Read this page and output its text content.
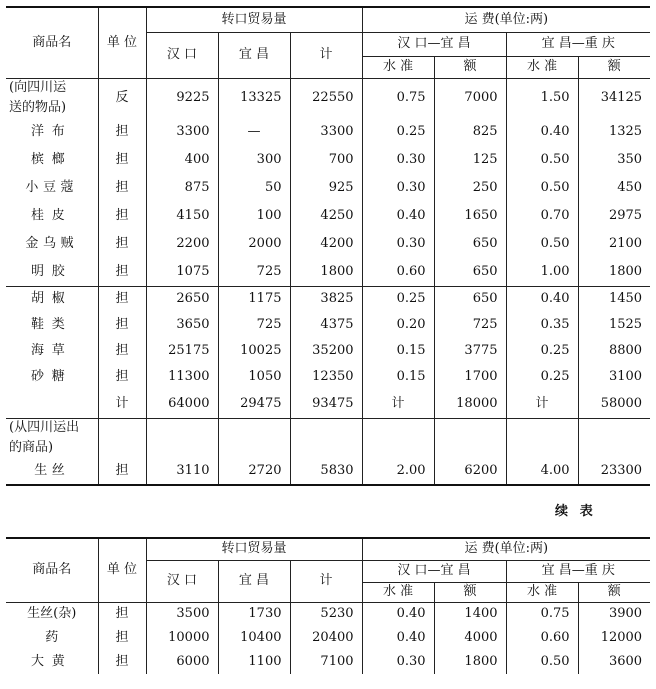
商品名	单 位	转口贸易量			运 费(单位:两)			
		汉 口	宜 昌	计	汉 口—宜 昌		宜 昌—重 庆	
					水 准	额	水 准	额
(向四川运	反	9225	13325	22550	0.75	7000	1.50	34125
送的物品)								
洋布	担	3300	—	3300	0.25	825	0.40	1325
槟榔	担	400	300	700	0.30	125	0.50	350
小豆蔻	担	875	50	925	0.30	250	0.50	450
桂皮	担	4150	100	4250	0.40	1650	0.70	2975
金乌贼	担	2200	2000	4200	0.30	650	0.50	2100
明胶	担	1075	725	1800	0.60	650	1.00	1800
胡椒	担	2650	1175	3825	0.25	650	0.40	1450
鞋类	担	3650	725	4375	0.20	725	0.35	1525
海草	担	25175	10025	35200	0.15	3775	0.25	8800
砂糖	担	11300	1050	12350	0.15	1700	0.25	3100
	计	64000	29475	93475	计	18000	计	58000
(从四川运出								
的商品)								
生丝	担	3110	2720	5830	2.00	6200	4.00	23300
续表
商品名	单 位	转口贸易量			运 费(单位:两)			
		汉 口	宜 昌	计	汉 口—宜 昌		宜 昌—重 庆	
					水 准	额	水 准	额
生丝(杂)	担	3500	1730	5230	0.40	1400	0.75	3900
药	担	10000	10400	20400	0.40	4000	0.60	12000
大黄	担	6000	1100	7100	0.30	1800	0.50	3600
